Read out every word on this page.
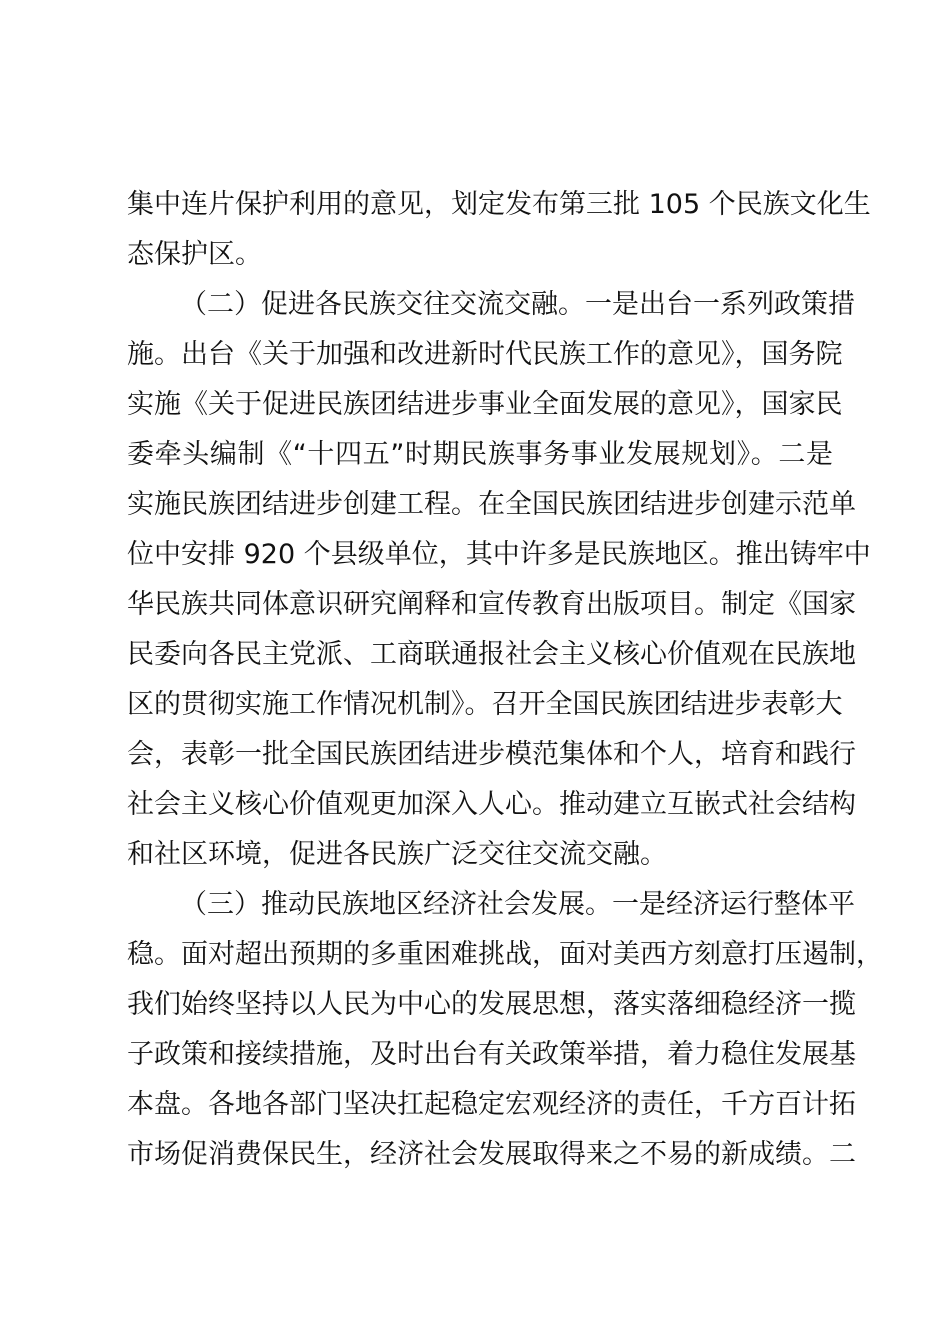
集中连片保护利用的意见，划定发布第三批 105 个民族文化生
态保护区。
（二）促进各民族交往交流交融。一是出台一系列政策措
施。出台《关于加强和改进新时代民族工作的意见》，国务院
实施《关于促进民族团结进步事业全面发展的意见》，国家民
委牵头编制《“十四五”时期民族事务事业发展规划》。二是
实施民族团结进步创建工程。在全国民族团结进步创建示范单
位中安排 920 个县级单位，其中许多是民族地区。推出铸牢中
华民族共同体意识研究阐释和宣传教育出版项目。制定《国家
民委向各民主党派、工商联通报社会主义核心价值观在民族地
区的贯彻实施工作情况机制》。召开全国民族团结进步表彰大
会，表彰一批全国民族团结进步模范集体和个人，培育和践行
社会主义核心价值观更加深入人心。推动建立互嵌式社会结构
和社区环境，促进各民族广泛交往交流交融。
（三）推动民族地区经济社会发展。一是经济运行整体平
稳。面对超出预期的多重困难挑战，面对美西方刻意打压遏制，
我们始终坚持以人民为中心的发展思想，落实落细稳经济一揽
子政策和接续措施，及时出台有关政策举措，着力稳住发展基
本盘。各地各部门坚决扛起稳定宏观经济的责任，千方百计拓
市场促消费保民生，经济社会发展取得来之不易的新成绩。二
